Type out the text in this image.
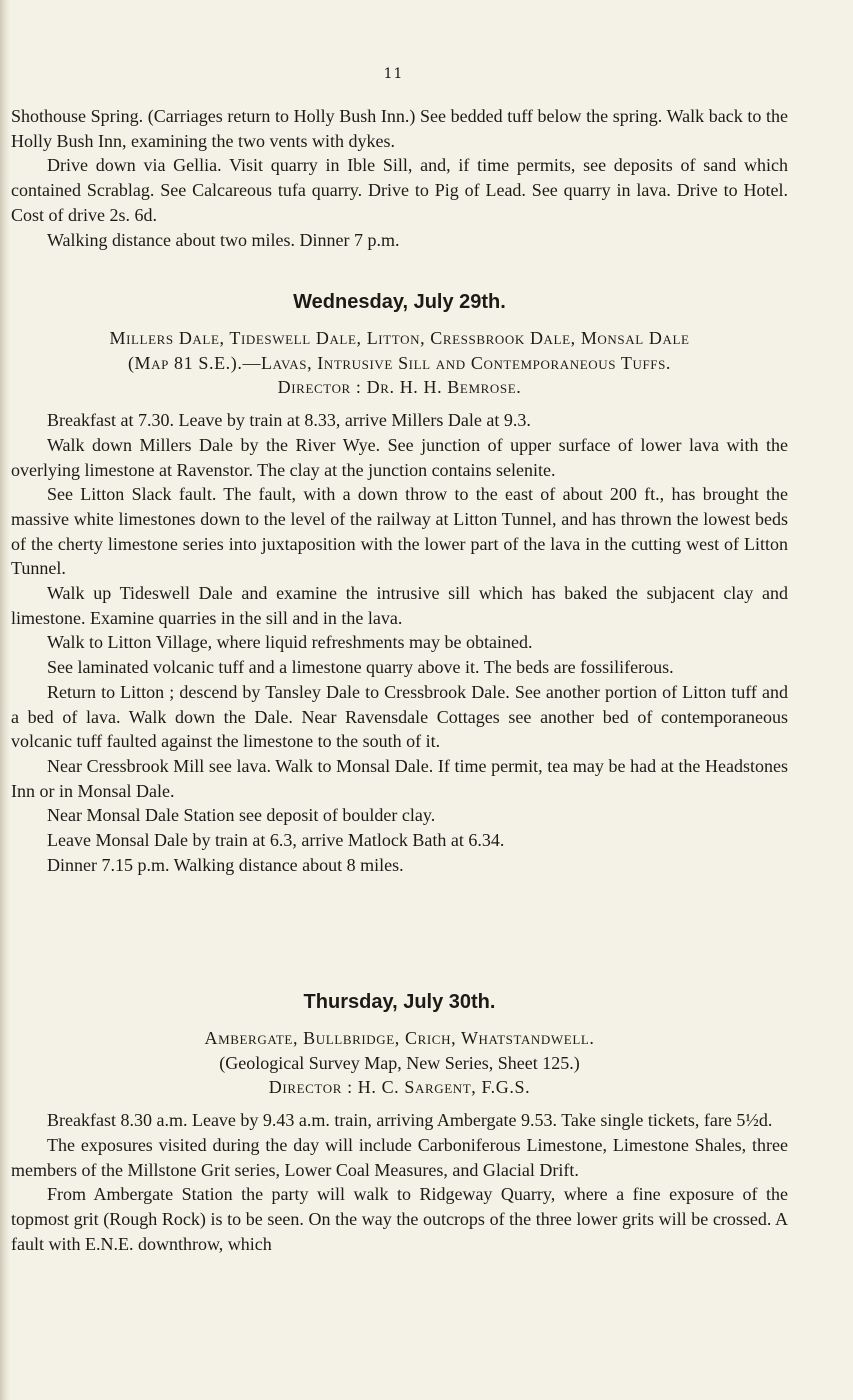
11

Shothouse Spring. (Carriages return to Holly Bush Inn.) See bedded tuff below the spring. Walk back to the Holly Bush Inn, examining the two vents with dykes.

Drive down via Gellia. Visit quarry in Ible Sill, and, if time permits, see deposits of sand which contained Scrablag. See Calcareous tufa quarry. Drive to Pig of Lead. See quarry in lava. Drive to Hotel. Cost of drive 2s. 6d.

Walking distance about two miles. Dinner 7 p.m.

Wednesday, July 29th.
Millers Dale, Tideswell Dale, Litton, Cressbrook Dale, Monsal Dale
(Map 81 S.E.).—Lavas, Intrusive Sill and Contemporaneous Tuffs.
Director : Dr. H. H. Bemrose.

Breakfast at 7.30. Leave by train at 8.33, arrive Millers Dale at 9.3.

Walk down Millers Dale by the River Wye. See junction of upper surface of lower lava with the overlying limestone at Ravenstor. The clay at the junction contains selenite.

See Litton Slack fault. The fault, with a down throw to the east of about 200 ft., has brought the massive white limestones down to the level of the railway at Litton Tunnel, and has thrown the lowest beds of the cherty limestone series into juxtaposition with the lower part of the lava in the cutting west of Litton Tunnel.

Walk up Tideswell Dale and examine the intrusive sill which has baked the subjacent clay and limestone. Examine quarries in the sill and in the lava.

Walk to Litton Village, where liquid refreshments may be obtained.

See laminated volcanic tuff and a limestone quarry above it. The beds are fossiliferous.

Return to Litton ; descend by Tansley Dale to Cressbrook Dale. See another portion of Litton tuff and a bed of lava. Walk down the Dale. Near Ravensdale Cottages see another bed of contemporaneous volcanic tuff faulted against the limestone to the south of it.

Near Cressbrook Mill see lava. Walk to Monsal Dale. If time permit, tea may be had at the Headstones Inn or in Monsal Dale.

Near Monsal Dale Station see deposit of boulder clay.

Leave Monsal Dale by train at 6.3, arrive Matlock Bath at 6.34.

Dinner 7.15 p.m. Walking distance about 8 miles.

Thursday, July 30th.
Ambergate, Bullbridge, Crich, Whatstandwell.
(Geological Survey Map, New Series, Sheet 125.)
Director : H. C. Sargent, F.G.S.

Breakfast 8.30 a.m. Leave by 9.43 a.m. train, arriving Ambergate 9.53. Take single tickets, fare 5½d.

The exposures visited during the day will include Carboniferous Limestone, Limestone Shales, three members of the Millstone Grit series, Lower Coal Measures, and Glacial Drift.

From Ambergate Station the party will walk to Ridgeway Quarry, where a fine exposure of the topmost grit (Rough Rock) is to be seen. On the way the outcrops of the three lower grits will be crossed. A fault with E.N.E. downthrow, which
